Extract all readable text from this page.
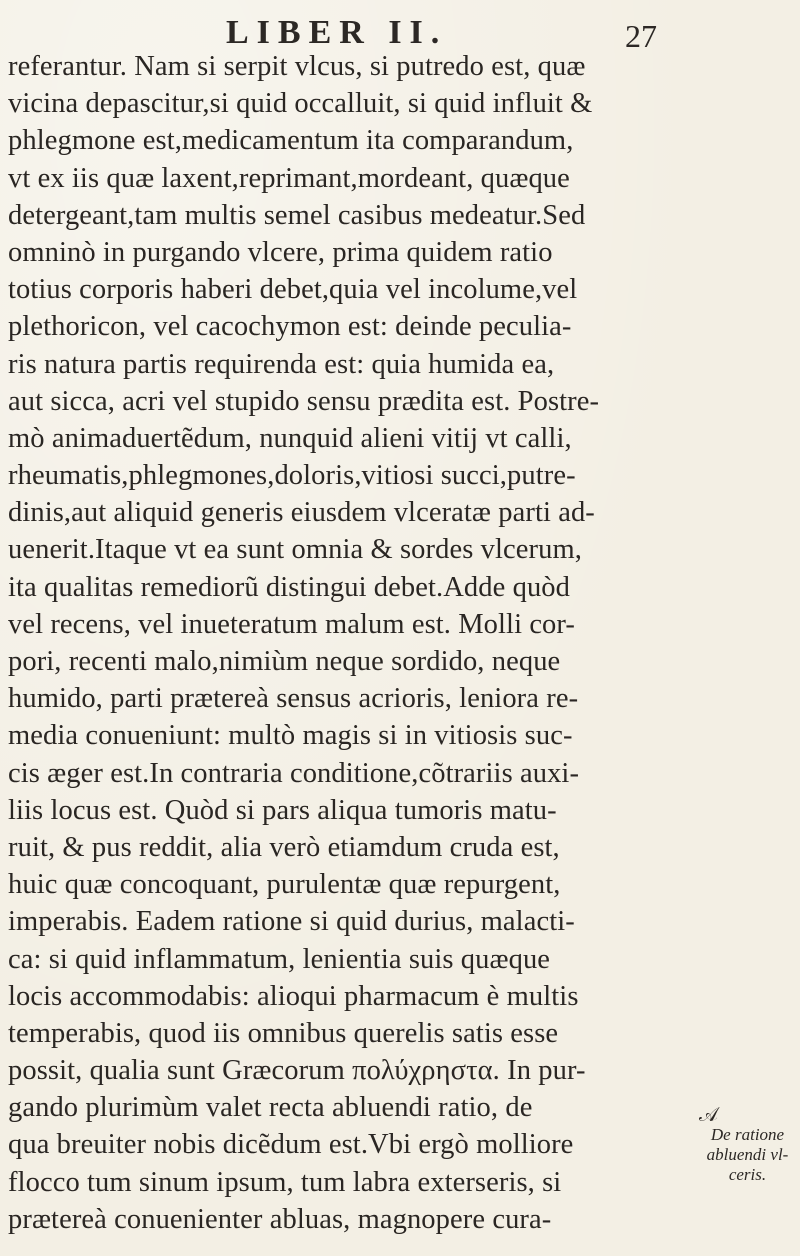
LIBER II.	27
referantur. Nam si serpit vlcus, si putredo est, quæ
vicina depascitur,si quid occalluit, si quid influit &
phlegmone est,medicamentum ita comparandum,
vt ex iis quæ laxent,reprimant,mordeant, quæque
detergeant,tam multis semel casibus medeatur.Sed
omninò in purgando vlcere, prima quidem ratio
totius corporis haberi debet,quia vel incolume,vel
plethoricon, vel cacochymon est: deinde peculia-
ris natura partis requirenda est: quia humida ea,
aut sicca, acri vel stupido sensu prædita est. Postre-
mò animaduertẽdum, nunquid alieni vitij vt calli,
rheumatis,phlegmones,doloris,vitiosi succi,putre-
dinis,aut aliquid generis eiusdem vlceratæ parti ad-
uenerit.Itaque vt ea sunt omnia & sordes vlcerum,
ita qualitas remediorũ distingui debet.Adde quòd
vel recens, vel inueteratum malum est. Molli cor-
pori, recenti malo,nimiùm neque sordido, neque
humido, parti prætereà sensus acrioris, leniora re-
media conueniunt: multò magis si in vitiosis suc-
cis æger est.In contraria conditione,cõtrariis auxi-
liis locus est. Quòd si pars aliqua tumoris matu-
ruit, & pus reddit, alia verò etiamdum cruda est,
huic quæ concoquant, purulentæ quæ repurgent,
imperabis. Eadem ratione si quid durius, malacti-
ca: si quid inflammatum, lenientia suis quæque
locis accommodabis: alioqui pharmacum è multis
temperabis, quod iis omnibus querelis satis esse
possit, qualia sunt Græcorum πολύχρηστα. In pur-
gando plurimùm valet recta abluendi ratio, de
qua breuiter nobis dicẽdum est.Vbi ergò molliore
flocco tum sinum ipsum, tum labra exterseris, si
prætereà conuenienter abluas, magnopere cura-
𝒜
De ratione
abluendi vl-
ceris.
